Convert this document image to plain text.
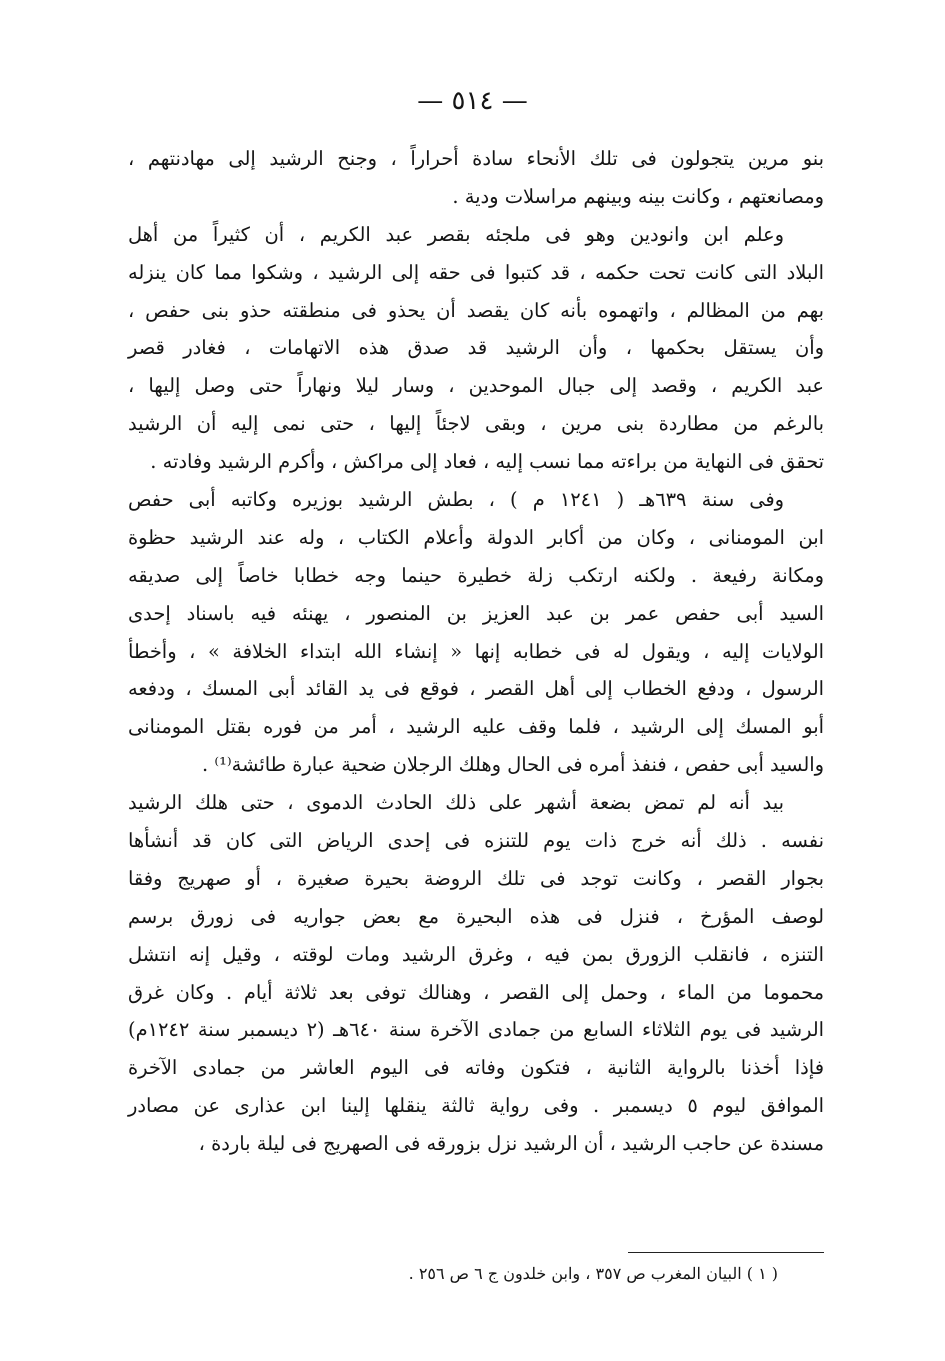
— ٥١٤ —
بنو مرين يتجولون فى تلك الأنحاء سادة أحراراً ، وجنح الرشيد إلى مهادنتهم ،
ومصانعتهم ، وكانت بينه وبينهم مراسلات ودية .
وعلم ابن وانودين وهو فى ملجئه بقصر عبد الكريم ، أن كثيراً من أهل
البلاد التى كانت تحت حكمه ، قد كتبوا فى حقه إلى الرشيد ، وشكوا مما كان ينزله
بهم من المظالم ، واتهموه بأنه كان يقصد أن يحذو فى منطقته حذو بنى حفص ،
وأن يستقل بحكمها ، وأن الرشيد قد صدق هذه الاتهامات ، فغادر قصر
عبد الكريم ، وقصد إلى جبال الموحدين ، وسار ليلا ونهاراً حتى وصل إليها ،
بالرغم من مطاردة بنى مرين ، وبقى لاجئاً إليها ، حتى نمى إليه أن الرشيد
تحقق فى النهاية من براءته مما نسب إليه ، فعاد إلى مراكش ، وأكرم الرشيد وفادته .
وفى سنة ٦٣٩هـ ( ١٢٤١ م ) ، بطش الرشيد بوزيره وكاتبه أبى حفص
ابن المومنانى ، وكان من أكابر الدولة وأعلام الكتاب ، وله عند الرشيد حظوة
ومكانة رفيعة . ولكنه ارتكب زلة خطيرة حينما وجه خطابا خاصاً إلى صديقه
السيد أبى حفص عمر بن عبد العزيز بن المنصور ، يهنئه فيه باسناد إحدى
الولايات إليه ، ويقول له فى خطابه إنها « إنشاء الله ابتداء الخلافة » ، وأخطأ
الرسول ، ودفع الخطاب إلى أهل القصر ، فوقع فى يد القائد أبى المسك ، ودفعه
أبو المسك إلى الرشيد ، فلما وقف عليه الرشيد ، أمر من فوره بقتل المومنانى
والسيد أبى حفص ، فنفذ أمره فى الحال وهلك الرجلان ضحية عبارة طائشة⁽¹⁾ .
بيد أنه لم تمض بضعة أشهر على ذلك الحادث الدموى ، حتى هلك الرشيد
نفسه . ذلك أنه خرج ذات يوم للتنزه فى إحدى الرياض التى كان قد أنشأها
بجوار القصر ، وكانت توجد فى تلك الروضة بحيرة صغيرة ، أو صهريج وفقا
لوصف المؤرخ ، فنزل فى هذه البحيرة مع بعض جواريه فى زورق برسم
التنزه ، فانقلب الزورق بمن فيه ، وغرق الرشيد ومات لوقته ، وقيل إنه انتشل
محموما من الماء ، وحمل إلى القصر ، وهنالك توفى بعد ثلاثة أيام . وكان غرق
الرشيد فى يوم الثلاثاء السابع من جمادى الآخرة سنة ٦٤٠هـ (٢ ديسمبر سنة ١٢٤٢م)
فإذا أخذنا بالرواية الثانية ، فتكون وفاته فى اليوم العاشر من جمادى الآخرة
الموافق ليوم ٥ ديسمبر . وفى رواية ثالثة ينقلها إلينا ابن عذارى عن مصادر
مسندة عن حاجب الرشيد ، أن الرشيد نزل بزورقه فى الصهريج فى ليلة باردة ،
( ١ ) البيان المغرب ص ٣٥٧ ، وابن خلدون ج ٦ ص ٢٥٦ .
